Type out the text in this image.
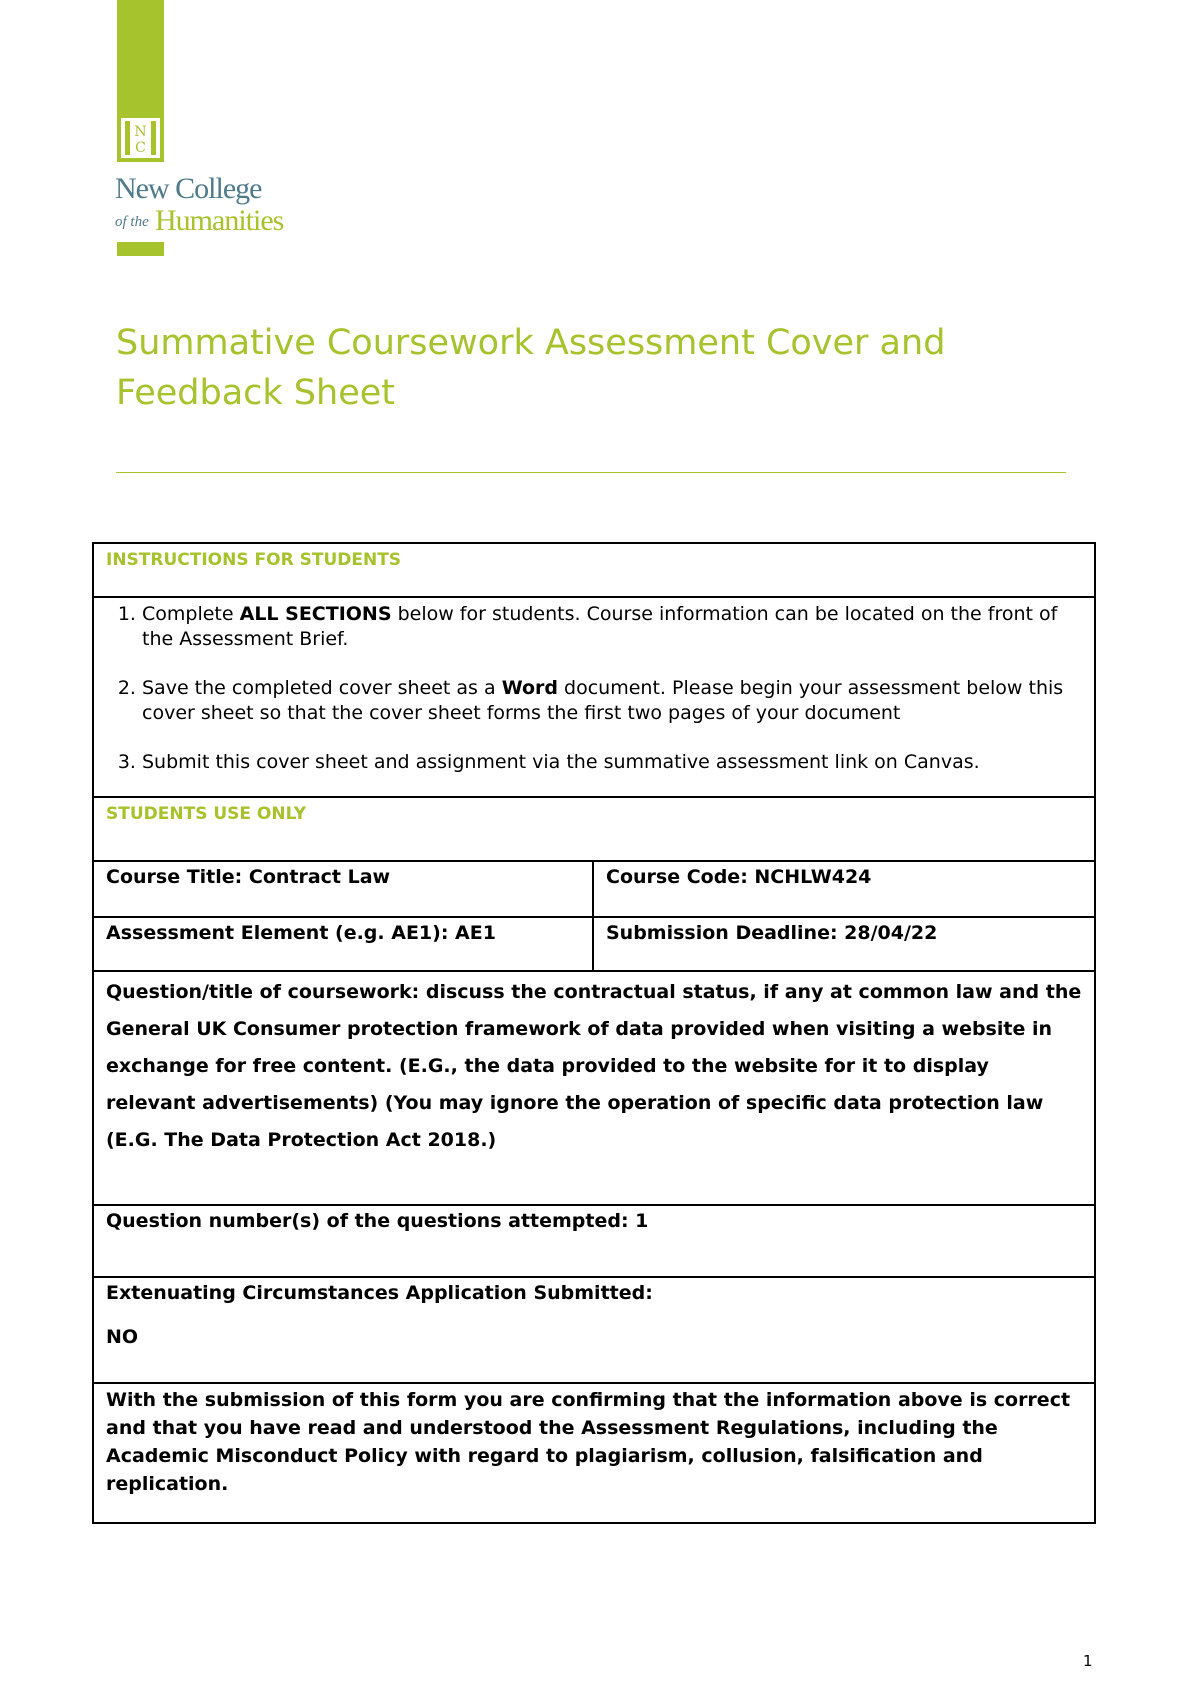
N
C
New College
of the Humanities
Summative Coursework Assessment Cover and
Feedback Sheet
INSTRUCTIONS FOR STUDENTS
1. Complete ALL SECTIONS below for students. Course information can be located on the front of the Assessment Brief.
2. Save the completed cover sheet as a Word document. Please begin your assessment below this cover sheet so that the cover sheet forms the first two pages of your document
3. Submit this cover sheet and assignment via the summative assessment link on Canvas.
STUDENTS USE ONLY
Course Title: Contract Law	Course Code: NCHLW424
Assessment Element (e.g. AE1): AE1	Submission Deadline: 28/04/22
Question/title of coursework: discuss the contractual status, if any at common law and the General UK Consumer protection framework of data provided when visiting a website in exchange for free content. (E.G., the data provided to the website for it to display relevant advertisements) (You may ignore the operation of specific data protection law (E.G. The Data Protection Act 2018.)
Question number(s) of the questions attempted: 1
Extenuating Circumstances Application Submitted:
NO
With the submission of this form you are confirming that the information above is correct and that you have read and understood the Assessment Regulations, including the Academic Misconduct Policy with regard to plagiarism, collusion, falsification and replication.
1
